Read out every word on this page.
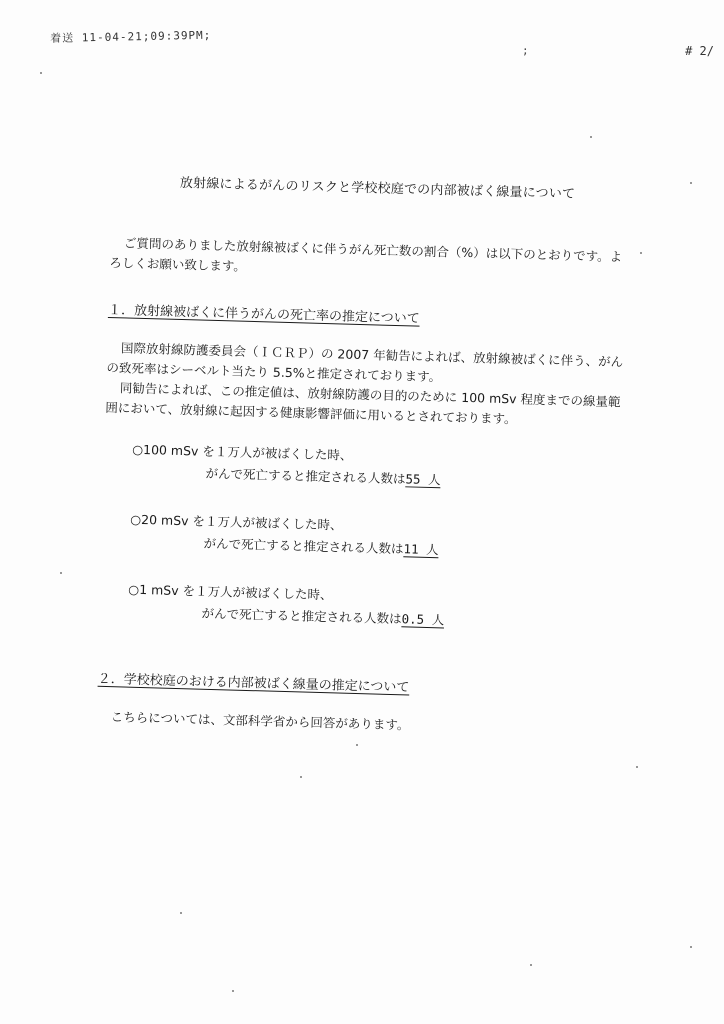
着送 11-04-21;09:39PM;
;	# 2/

放射線によるがんのリスクと学校校庭での内部被ばく線量について

ご質問のありました放射線被ばくに伴うがん死亡数の割合（%）は以下のとおりです。よろしくお願い致します。

１．放射線被ばくに伴うがんの死亡率の推定について

国際放射線防護委員会（ＩＣＲＰ）の 2007 年勧告によれば、放射線被ばくに伴う、がんの致死率はシーベルト当たり 5.5%と推定されております。

同勧告によれば、この推定値は、放射線防護の目的のために 100 mSv 程度までの線量範囲において、放射線に起因する健康影響評価に用いるとされております。

○100 mSv を１万人が被ばくした時、
がんで死亡すると推定される人数は55 人
○20 mSv を１万人が被ばくした時、
がんで死亡すると推定される人数は11 人
○1 mSv を１万人が被ばくした時、
がんで死亡すると推定される人数は0.5 人

２．学校校庭のおける内部被ばく線量の推定について

こちらについては、文部科学省から回答があります。
